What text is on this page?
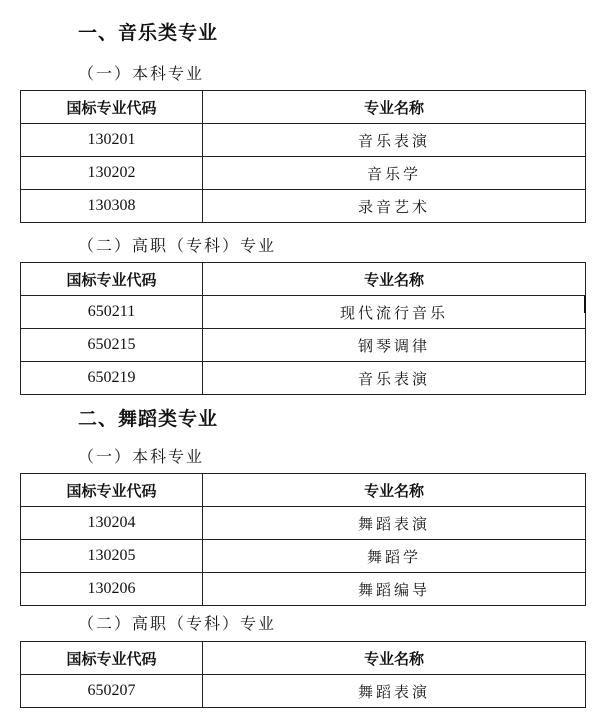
一、音乐类专业
（一）本科专业
国标专业代码	专业名称
130201	音乐表演
130202	音乐学
130308	录音艺术
（二）高职（专科）专业
国标专业代码	专业名称
650211	现代流行音乐
650215	钢琴调律
650219	音乐表演
二、舞蹈类专业
（一）本科专业
国标专业代码	专业名称
130204	舞蹈表演
130205	舞蹈学
130206	舞蹈编导
（二）高职（专科）专业
国标专业代码	专业名称
650207	舞蹈表演
